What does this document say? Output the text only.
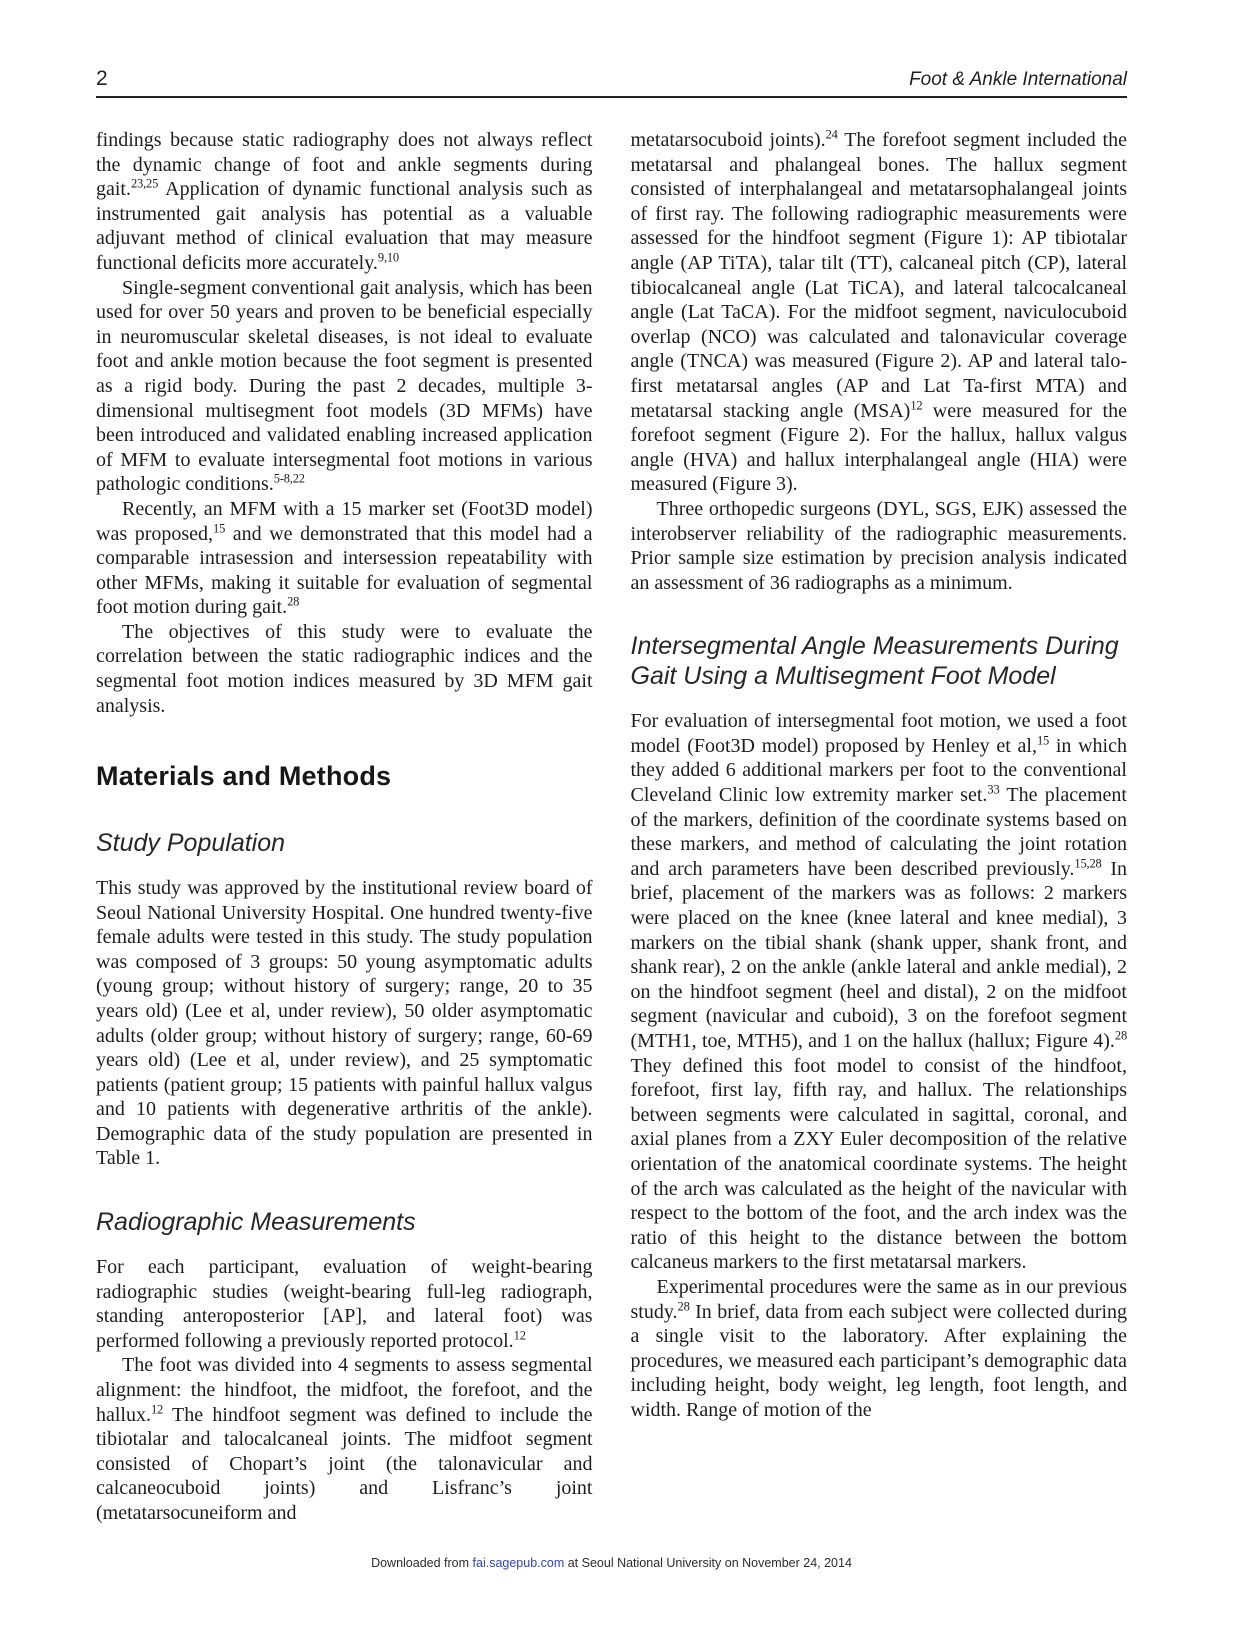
2	Foot & Ankle International

findings because static radiography does not always reflect the dynamic change of foot and ankle segments during gait.$^{23,25}$ Application of dynamic functional analysis such as instrumented gait analysis has potential as a valuable adjuvant method of clinical evaluation that may measure functional deficits more accurately.$^{9,10}$

Single-segment conventional gait analysis, which has been used for over 50 years and proven to be beneficial especially in neuromuscular skeletal diseases, is not ideal to evaluate foot and ankle motion because the foot segment is presented as a rigid body. During the past 2 decades, multiple 3-dimensional multisegment foot models (3D MFMs) have been introduced and validated enabling increased application of MFM to evaluate intersegmental foot motions in various pathologic conditions.$^{5-8,22}$

Recently, an MFM with a 15 marker set (Foot3D model) was proposed,$^{15}$ and we demonstrated that this model had a comparable intrasession and intersession repeatability with other MFMs, making it suitable for evaluation of segmental foot motion during gait.$^{28}$

The objectives of this study were to evaluate the correlation between the static radiographic indices and the segmental foot motion indices measured by 3D MFM gait analysis.

Materials and Methods
Study Population

This study was approved by the institutional review board of Seoul National University Hospital. One hundred twenty-five female adults were tested in this study. The study population was composed of 3 groups: 50 young asymptomatic adults (young group; without history of surgery; range, 20 to 35 years old) (Lee et al, under review), 50 older asymptomatic adults (older group; without history of surgery; range, 60-69 years old) (Lee et al, under review), and 25 symptomatic patients (patient group; 15 patients with painful hallux valgus and 10 patients with degenerative arthritis of the ankle). Demographic data of the study population are presented in Table 1.

Radiographic Measurements

For each participant, evaluation of weight-bearing radiographic studies (weight-bearing full-leg radiograph, standing anteroposterior [AP], and lateral foot) was performed following a previously reported protocol.$^{12}$

The foot was divided into 4 segments to assess segmental alignment: the hindfoot, the midfoot, the forefoot, and the hallux.$^{12}$ The hindfoot segment was defined to include the tibiotalar and talocalcaneal joints. The midfoot segment consisted of Chopart’s joint (the talonavicular and calcaneocuboid joints) and Lisfranc’s joint (metatarsocuneiform and

metatarsocuboid joints).$^{24}$ The forefoot segment included the metatarsal and phalangeal bones. The hallux segment consisted of interphalangeal and metatarsophalangeal joints of first ray. The following radiographic measurements were assessed for the hindfoot segment (Figure 1): AP tibiotalar angle (AP TiTA), talar tilt (TT), calcaneal pitch (CP), lateral tibiocalcaneal angle (Lat TiCA), and lateral talcocalcaneal angle (Lat TaCA). For the midfoot segment, naviculocuboid overlap (NCO) was calculated and talonavicular coverage angle (TNCA) was measured (Figure 2). AP and lateral talo-first metatarsal angles (AP and Lat Ta-first MTA) and metatarsal stacking angle (MSA)$^{12}$ were measured for the forefoot segment (Figure 2). For the hallux, hallux valgus angle (HVA) and hallux interphalangeal angle (HIA) were measured (Figure 3).

Three orthopedic surgeons (DYL, SGS, EJK) assessed the interobserver reliability of the radiographic measurements. Prior sample size estimation by precision analysis indicated an assessment of 36 radiographs as a minimum.

Intersegmental Angle Measurements During Gait Using a Multisegment Foot Model

For evaluation of intersegmental foot motion, we used a foot model (Foot3D model) proposed by Henley et al,$^{15}$ in which they added 6 additional markers per foot to the conventional Cleveland Clinic low extremity marker set.$^{33}$ The placement of the markers, definition of the coordinate systems based on these markers, and method of calculating the joint rotation and arch parameters have been described previously.$^{15,28}$ In brief, placement of the markers was as follows: 2 markers were placed on the knee (knee lateral and knee medial), 3 markers on the tibial shank (shank upper, shank front, and shank rear), 2 on the ankle (ankle lateral and ankle medial), 2 on the hindfoot segment (heel and distal), 2 on the midfoot segment (navicular and cuboid), 3 on the forefoot segment (MTH1, toe, MTH5), and 1 on the hallux (hallux; Figure 4).$^{28}$ They defined this foot model to consist of the hindfoot, forefoot, first lay, fifth ray, and hallux. The relationships between segments were calculated in sagittal, coronal, and axial planes from a ZXY Euler decomposition of the relative orientation of the anatomical coordinate systems. The height of the arch was calculated as the height of the navicular with respect to the bottom of the foot, and the arch index was the ratio of this height to the distance between the bottom calcaneus markers to the first metatarsal markers.

Experimental procedures were the same as in our previous study.$^{28}$ In brief, data from each subject were collected during a single visit to the laboratory. After explaining the procedures, we measured each participant’s demographic data including height, body weight, leg length, foot length, and width. Range of motion of the

Downloaded from fai.sagepub.com at Seoul National University on November 24, 2014
